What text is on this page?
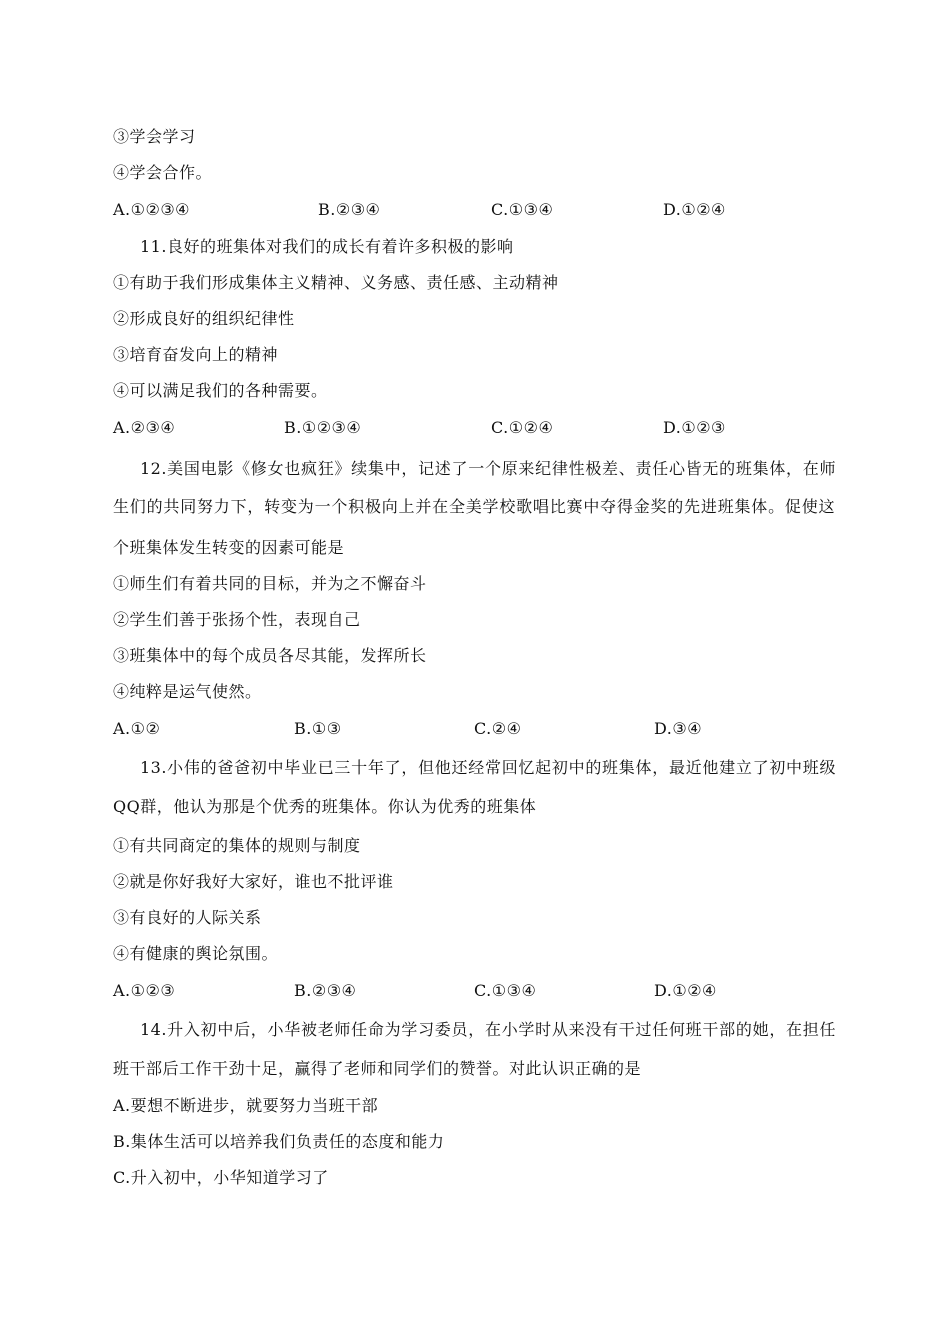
③学会学习
④学会合作。
A.①②③④	B.②③④	C.①③④	D.①②④
11.良好的班集体对我们的成长有着许多积极的影响
①有助于我们形成集体主义精神、义务感、责任感、主动精神
②形成良好的组织纪律性
③培育奋发向上的精神
④可以满足我们的各种需要。
A.②③④	B.①②③④	C.①②④	D.①②③
12.美国电影《修女也疯狂》续集中，记述了一个原来纪律性极差、责任心皆无的班集体，在师
生们的共同努力下，转变为一个积极向上并在全美学校歌唱比赛中夺得金奖的先进班集体。促使这
个班集体发生转变的因素可能是
①师生们有着共同的目标，并为之不懈奋斗
②学生们善于张扬个性，表现自己
③班集体中的每个成员各尽其能，发挥所长
④纯粹是运气使然。
A.①②	B.①③	C.②④	D.③④
13.小伟的爸爸初中毕业已三十年了，但他还经常回忆起初中的班集体，最近他建立了初中班级
QQ群，他认为那是个优秀的班集体。你认为优秀的班集体
①有共同商定的集体的规则与制度
②就是你好我好大家好，谁也不批评谁
③有良好的人际关系
④有健康的舆论氛围。
A.①②③	B.②③④	C.①③④	D.①②④
14.升入初中后，小华被老师任命为学习委员，在小学时从来没有干过任何班干部的她，在担任
班干部后工作干劲十足，赢得了老师和同学们的赞誉。对此认识正确的是
A.要想不断进步，就要努力当班干部
B.集体生活可以培养我们负责任的态度和能力
C.升入初中，小华知道学习了
